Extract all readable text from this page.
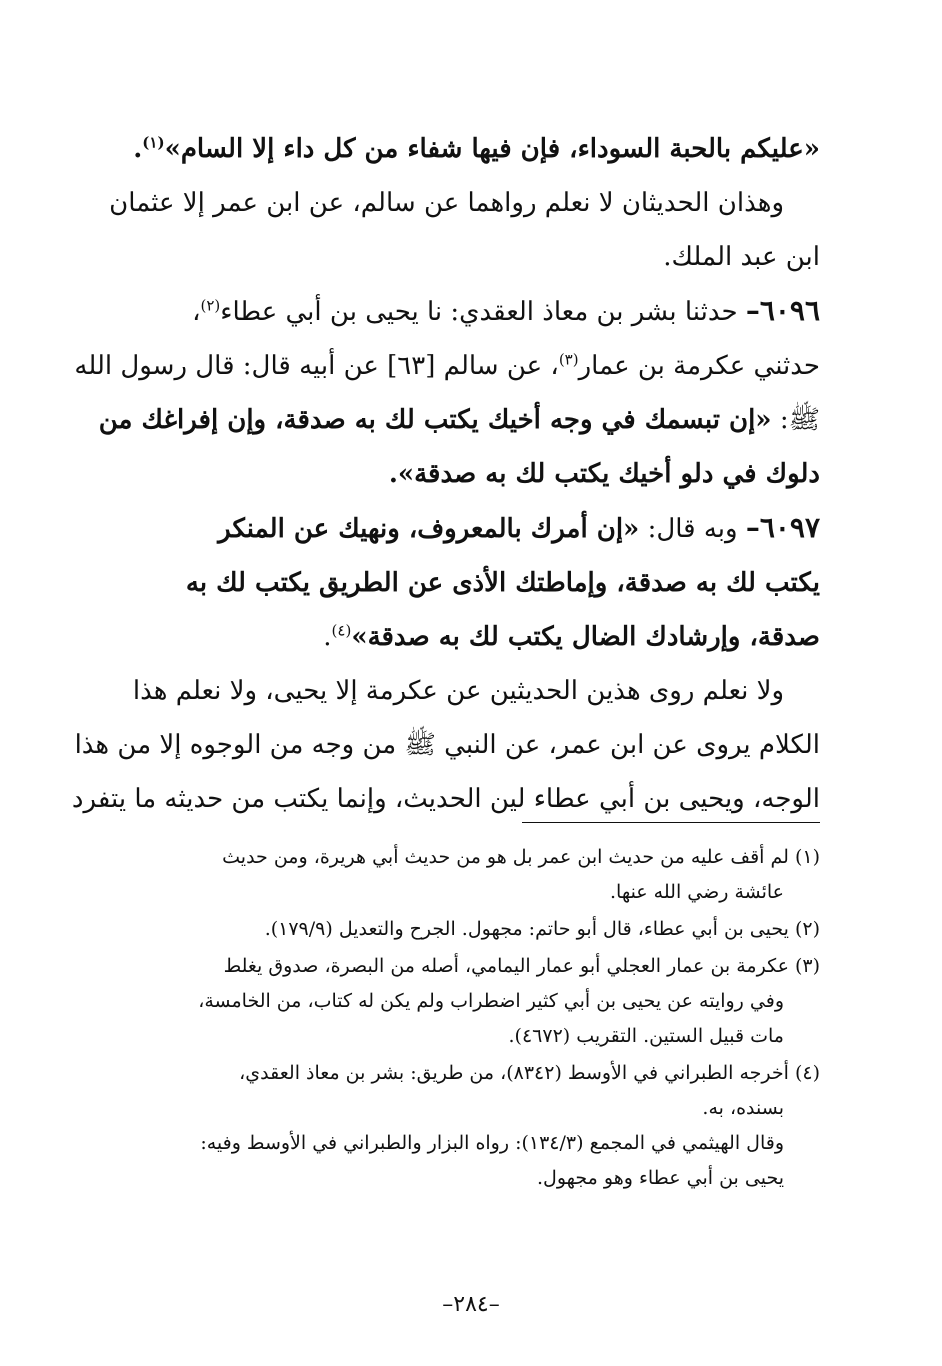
«عليكم بالحبة السوداء، فإن فيها شفاء من كل داء إلا السام»$^{(١)}$.
وهذان الحديثان لا نعلم رواهما عن سالم، عن ابن عمر إلا عثمان
ابن عبد الملك.
٦٠٩٦– حدثنا بشر بن معاذ العقدي: نا يحيى بن أبي عطاء$^{(٢)}$،
حدثني عكرمة بن عمار$^{(٣)}$، عن سالم [٦٣] عن أبيه قال: قال رسول الله
ﷺ: «إن تبسمك في وجه أخيك يكتب لك به صدقة، وإن إفراغك من
دلوك في دلو أخيك يكتب لك به صدقة».
٦٠٩٧– وبه قال: «إن أمرك بالمعروف، ونهيك عن المنكر
يكتب لك به صدقة، وإماطتك الأذى عن الطريق يكتب لك به
صدقة، وإرشادك الضال يكتب لك به صدقة»$^{(٤)}$.
ولا نعلم روى هذين الحديثين عن عكرمة إلا يحيى، ولا نعلم هذا
الكلام يروى عن ابن عمر، عن النبي ﷺ من وجه من الوجوه إلا من هذا
الوجه، ويحيى بن أبي عطاء لين الحديث، وإنما يكتب من حديثه ما يتفرد
(١) لم أقف عليه من حديث ابن عمر بل هو من حديث أبي هريرة، ومن حديث
عائشة رضي الله عنها.
(٢) يحيى بن أبي عطاء، قال أبو حاتم: مجهول. الجرح والتعديل (١٧٩/٩).
(٣) عكرمة بن عمار العجلي أبو عمار اليمامي، أصله من البصرة، صدوق يغلط
وفي روايته عن يحيى بن أبي كثير اضطراب ولم يكن له كتاب، من الخامسة،
مات قبيل الستين. التقريب (٤٦٧٢).
(٤) أخرجه الطبراني في الأوسط (٨٣٤٢)، من طريق: بشر بن معاذ العقدي،
بسنده، به.
وقال الهيثمي في المجمع (١٣٤/٣): رواه البزار والطبراني في الأوسط وفيه:
يحيى بن أبي عطاء وهو مجهول.
–٢٨٤–
